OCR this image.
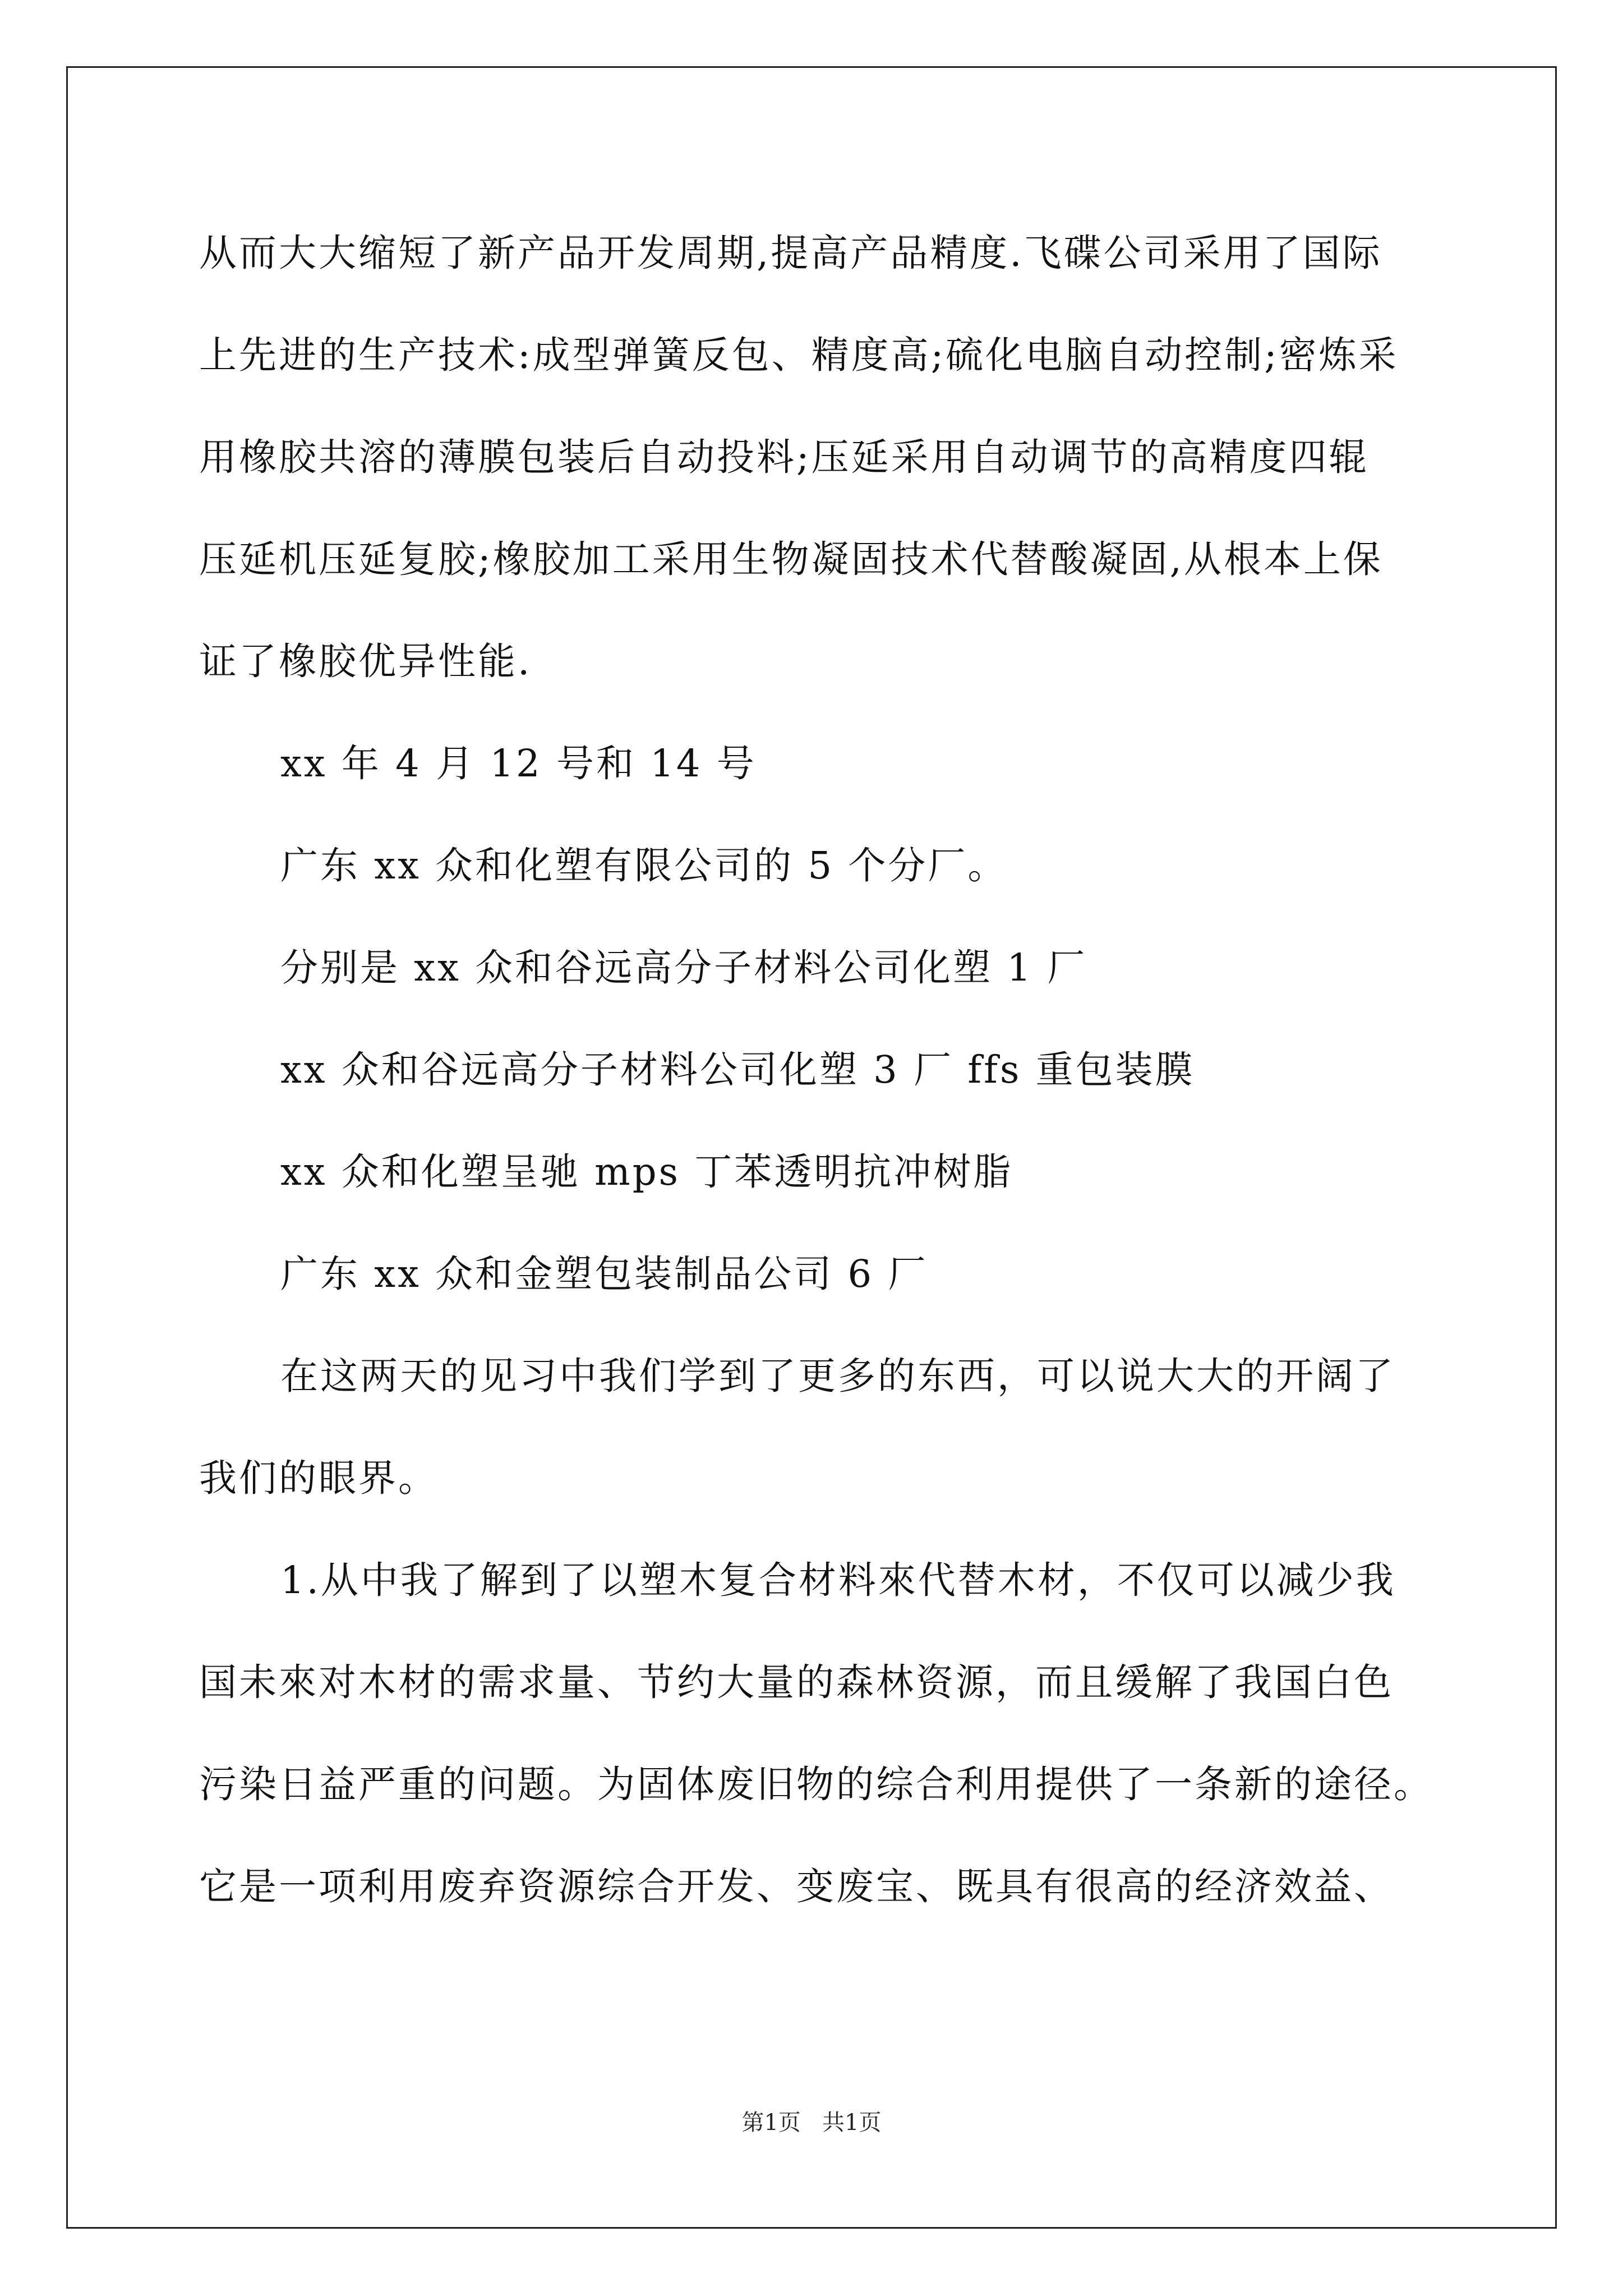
从而大大缩短了新产品开发周期,提高产品精度.飞碟公司采用了国际
上先进的生产技术:成型弹簧反包、精度高;硫化电脑自动控制;密炼采
用橡胶共溶的薄膜包装后自动投料;压延采用自动调节的高精度四辊
压延机压延复胶;橡胶加工采用生物凝固技术代替酸凝固,从根本上保
证了橡胶优异性能.
xx 年 4 月 12 号和 14 号
广东 xx 众和化塑有限公司的 5 个分厂。
分别是 xx 众和谷远高分子材料公司化塑 1 厂
xx 众和谷远高分子材料公司化塑 3 厂 ffs 重包装膜
xx 众和化塑呈驰 mps 丁苯透明抗冲树脂
广东 xx 众和金塑包装制品公司 6 厂
在这两天的见习中我们学到了更多的东西，可以说大大的开阔了
我们的眼界。
1.从中我了解到了以塑木复合材料來代替木材，不仅可以减少我
国未來对木材的需求量、节约大量的森林资源，而且缓解了我国白色
污染日益严重的问题。为固体废旧物的综合利用提供了一条新的途径。
它是一项利用废弃资源综合开发、变废宝、既具有很高的经济效益、
第1页   共1页
